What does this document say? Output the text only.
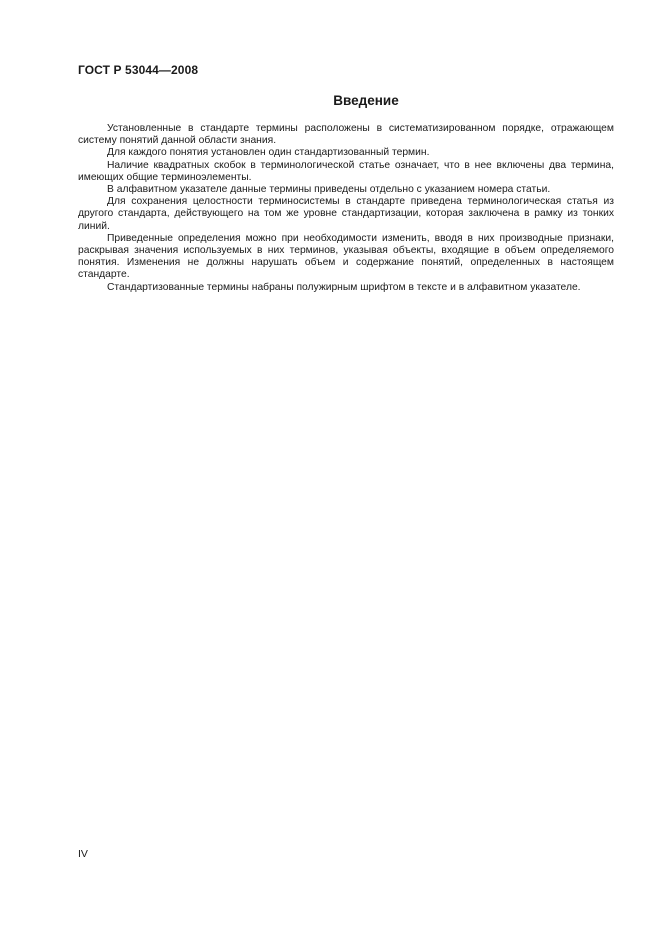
ГОСТ Р 53044—2008
Введение

Установленные в стандарте термины расположены в систематизированном порядке, отражающем систему понятий данной области знания.

Для каждого понятия установлен один стандартизованный термин.

Наличие квадратных скобок в терминологической статье означает, что в нее включены два термина, имеющих общие терминоэлементы.

В алфавитном указателе данные термины приведены отдельно с указанием номера статьи.

Для сохранения целостности терминосистемы в стандарте приведена терминологическая статья из другого стандарта, действующего на том же уровне стандартизации, которая заключена в рамку из тонких линий.

Приведенные определения можно при необходимости изменить, вводя в них производные признаки, раскрывая значения используемых в них терминов, указывая объекты, входящие в объем определяемого понятия. Изменения не должны нарушать объем и содержание понятий, определенных в настоящем стандарте.

Стандартизованные термины набраны полужирным шрифтом в тексте и в алфавитном указателе.

IV
